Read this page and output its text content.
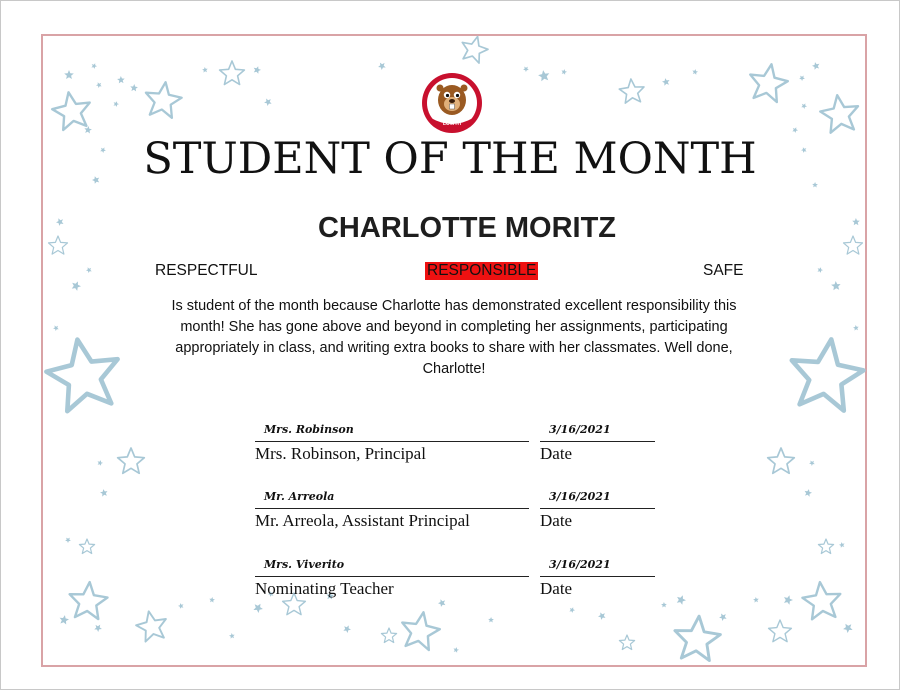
LOWTH
STUDENT OF THE MONTH
CHARLOTTE MORITZ
RESPECTFUL	RESPONSIBLE	SAFE
Is student of the month because Charlotte has demonstrated excellent responsibility this month! She has gone above and beyond in completing her assignments, participating appropriately in class, and writing extra books to share with her classmates. Well done, Charlotte!
Mrs. Robinson	3/16/2021
Mrs. Robinson, Principal	Date
Mr. Arreola	3/16/2021
Mr. Arreola, Assistant Principal	Date
Mrs. Viverito	3/16/2021
Nominating Teacher	Date
